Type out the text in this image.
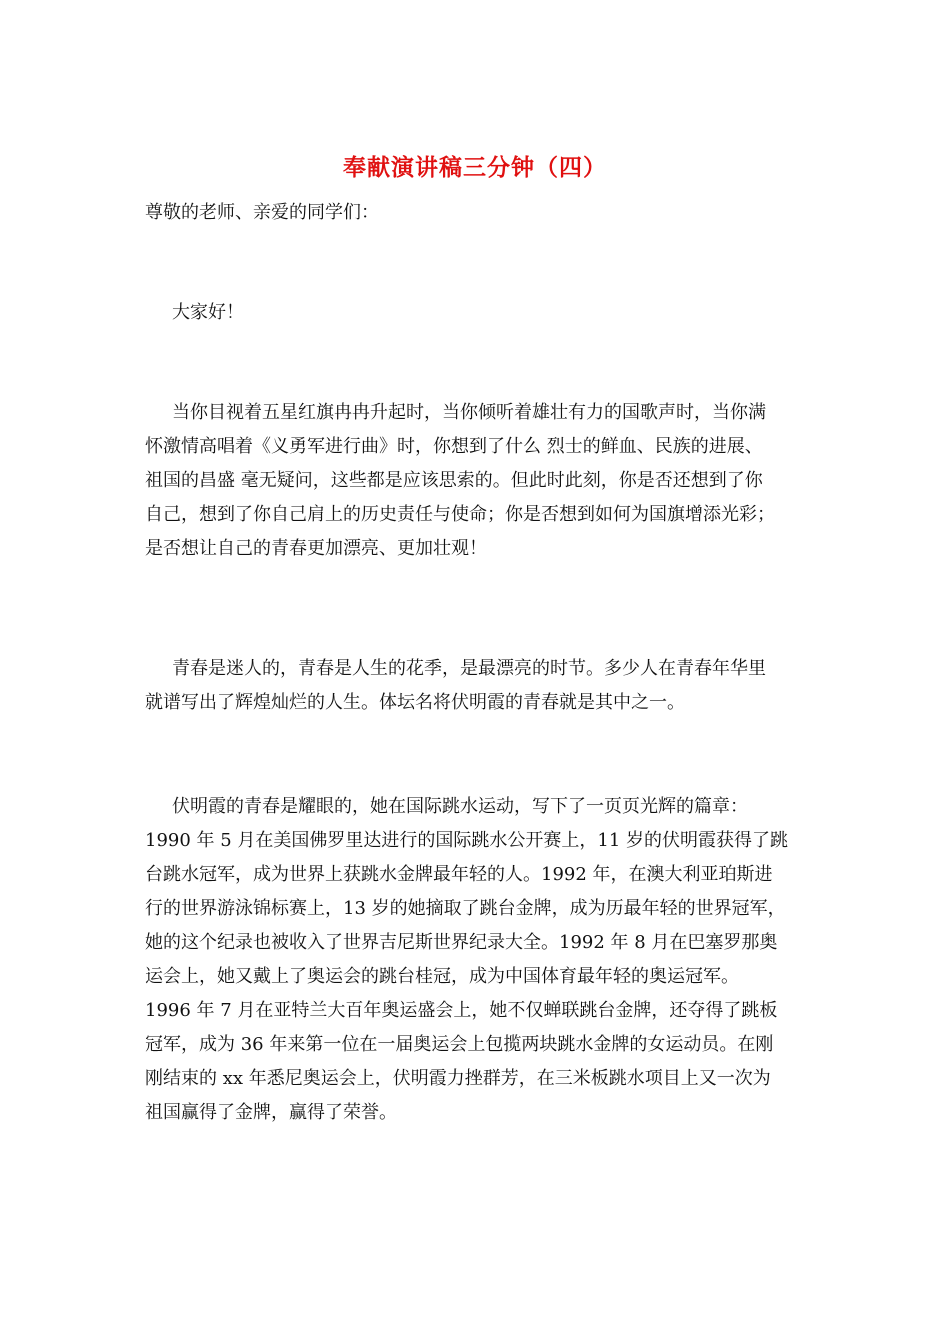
奉献演讲稿三分钟（四）
尊敬的老师、亲爱的同学们：
大家好！
当你目视着五星红旗冉冉升起时，当你倾听着雄壮有力的国歌声时，当你满
怀激情高唱着《义勇军进行曲》时，你想到了什么 烈士的鲜血、民族的进展、
祖国的昌盛 毫无疑问，这些都是应该思索的。但此时此刻，你是否还想到了你
自己，想到了你自己肩上的历史责任与使命；你是否想到如何为国旗增添光彩；
是否想让自己的青春更加漂亮、更加壮观！
青春是迷人的，青春是人生的花季，是最漂亮的时节。多少人在青春年华里
就谱写出了辉煌灿烂的人生。体坛名将伏明霞的青春就是其中之一。
伏明霞的青春是耀眼的，她在国际跳水运动，写下了一页页光辉的篇章：
1990 年 5 月在美国佛罗里达进行的国际跳水公开赛上，11 岁的伏明霞获得了跳
台跳水冠军，成为世界上获跳水金牌最年轻的人。1992 年，在澳大利亚珀斯进
行的世界游泳锦标赛上，13 岁的她摘取了跳台金牌，成为历最年轻的世界冠军，
她的这个纪录也被收入了世界吉尼斯世界纪录大全。1992 年 8 月在巴塞罗那奥
运会上，她又戴上了奥运会的跳台桂冠，成为中国体育最年轻的奥运冠军。
1996 年 7 月在亚特兰大百年奥运盛会上，她不仅蝉联跳台金牌，还夺得了跳板
冠军，成为 36 年来第一位在一届奥运会上包揽两块跳水金牌的女运动员。在刚
刚结束的 xx 年悉尼奥运会上，伏明霞力挫群芳，在三米板跳水项目上又一次为
祖国赢得了金牌，赢得了荣誉。
